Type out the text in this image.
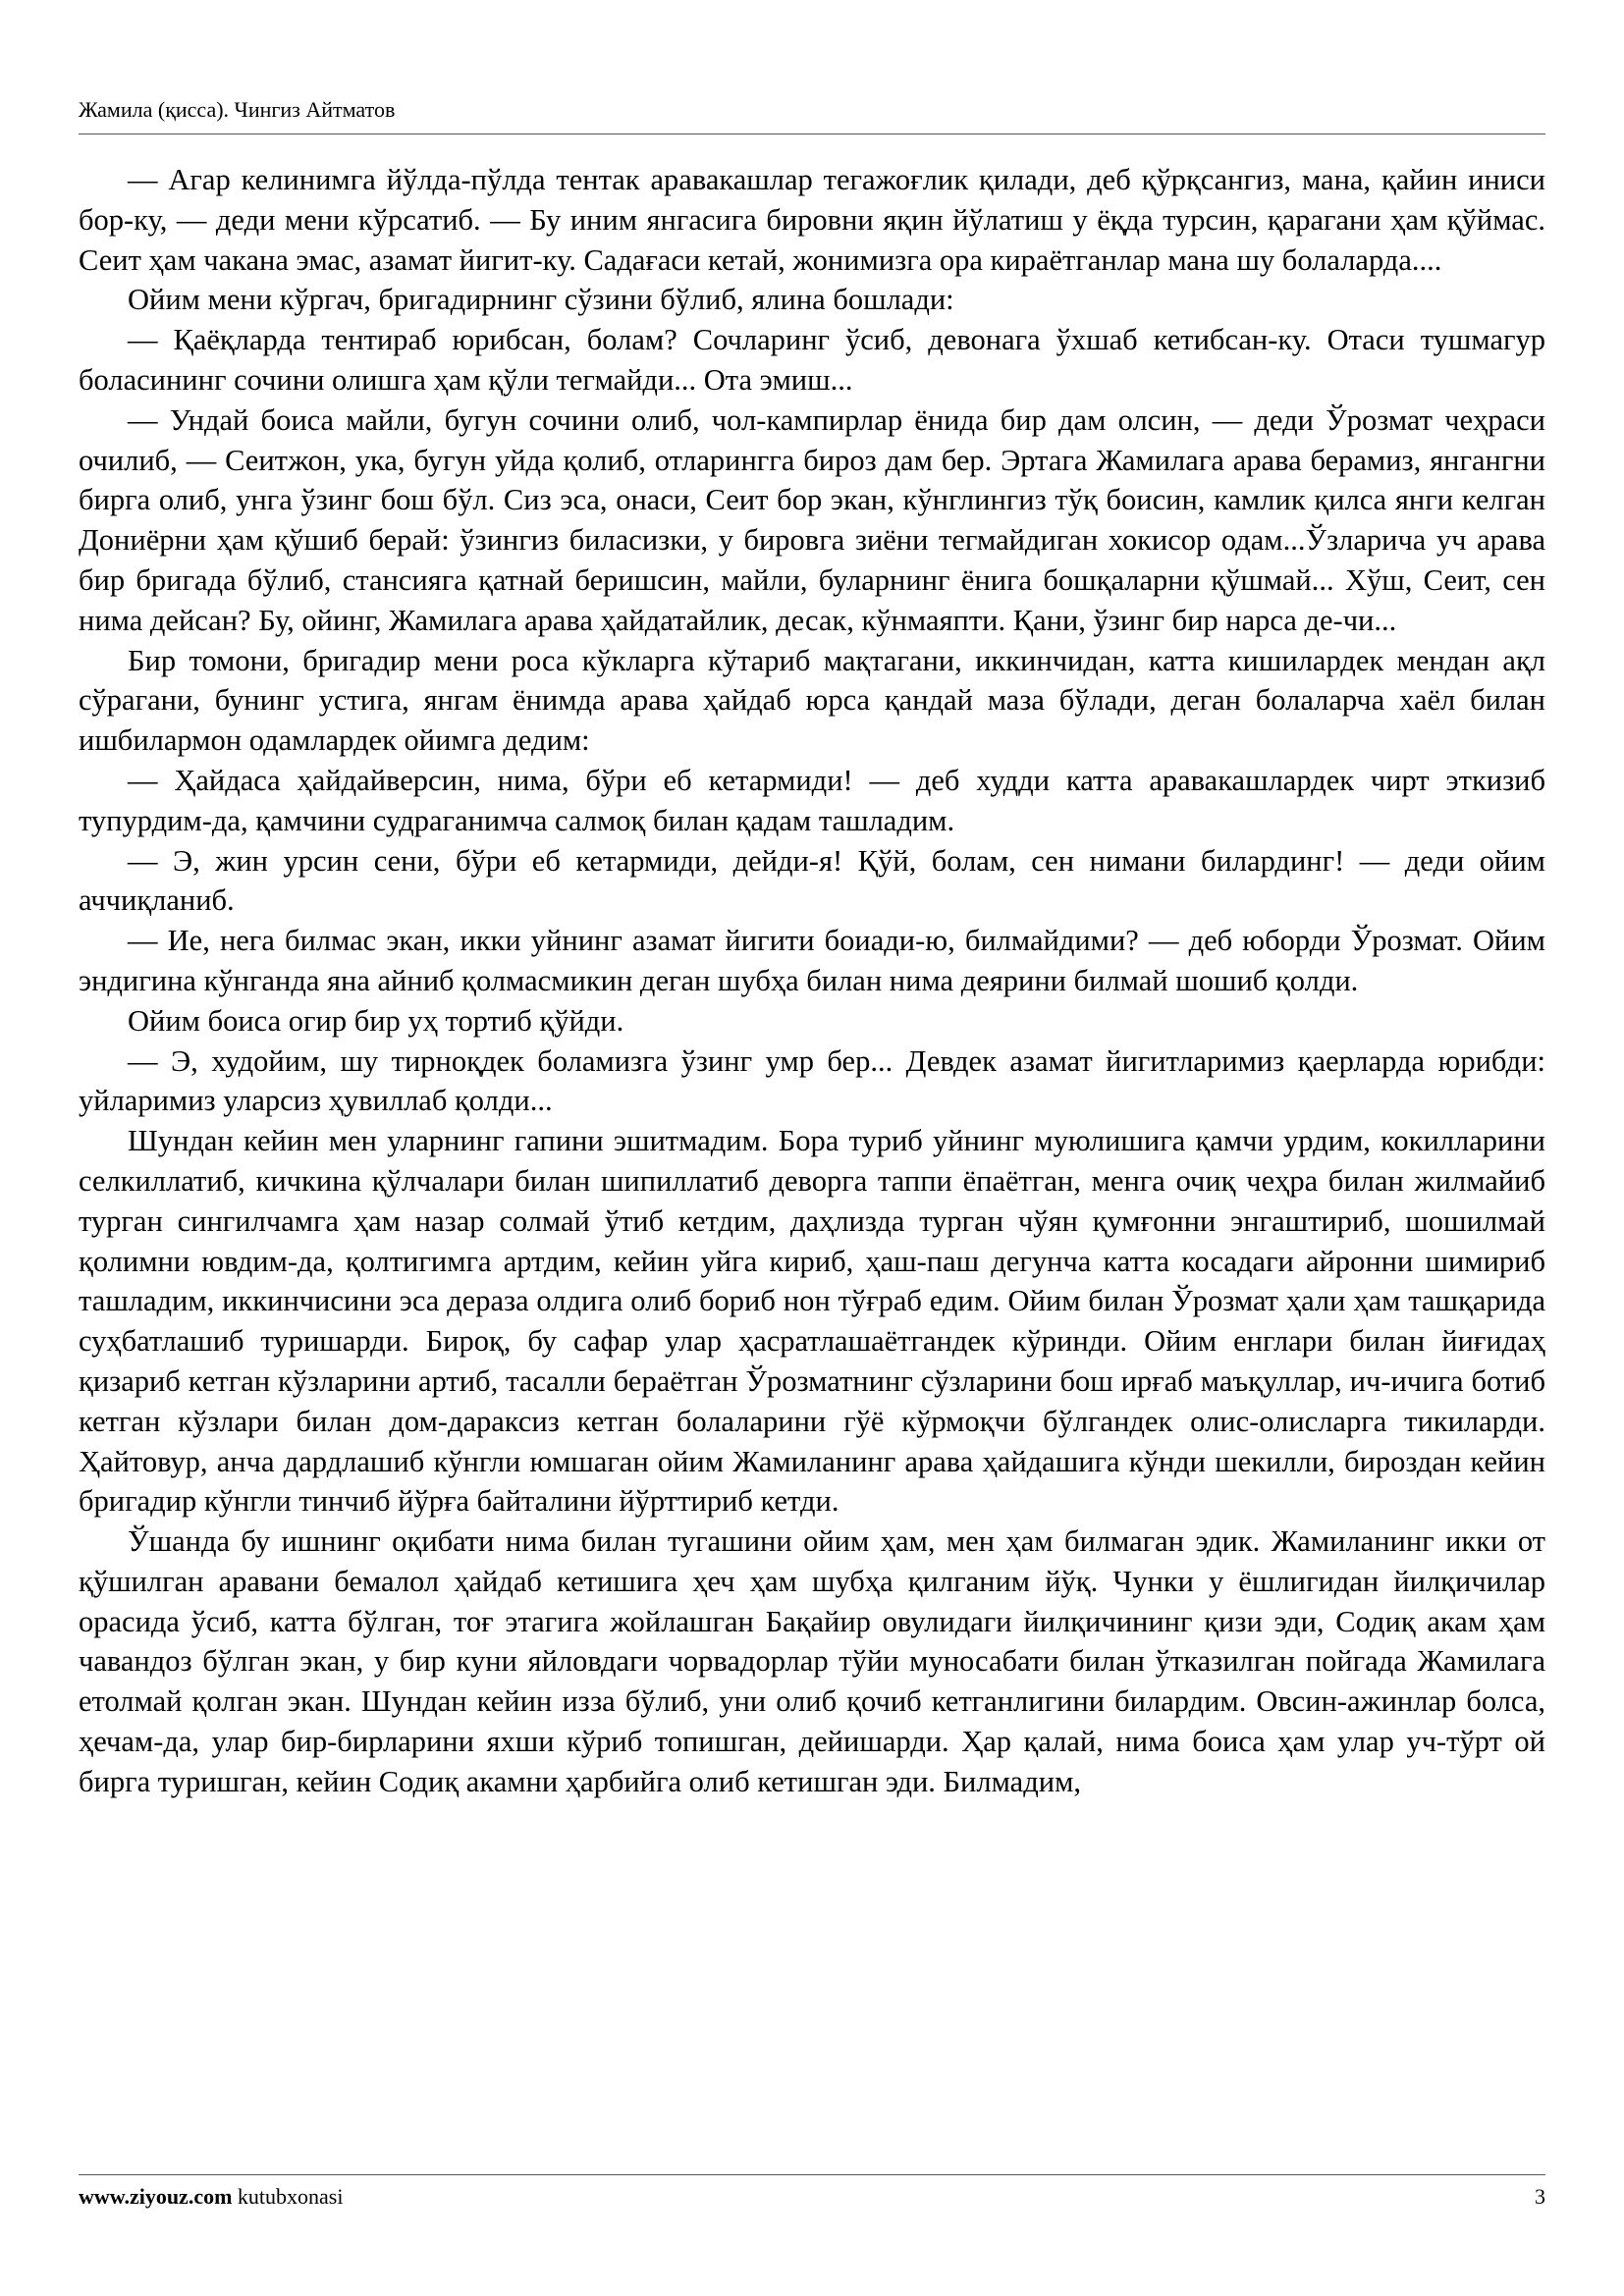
Жамила (қисса). Чингиз Айтматов

— Агар келинимга йўлда-пўлда тентак аравакашлар тегажоғлик қилади, деб қўрқсангиз, мана, қайин иниси бор-ку, — деди мени кўрсатиб. — Бу иним янгасига бировни яқин йўлатиш у ёқда турсин, қарагани ҳам қўймас. Сеит ҳам чакана эмас, азамат йигит-ку. Садағаси кетай, жонимизга ора кираётганлар мана шу болаларда....

Ойим мени кўргач, бригадирнинг сўзини бўлиб, ялина бошлади:

— Қаёқларда тентираб юрибсан, болам? Сочларинг ўсиб, девонага ўхшаб кетибсан-ку. Отаси тушмагур боласининг сочини олишга ҳам қўли тегмайди... Ота эмиш...

— Ундай боиса майли, бугун сочини олиб, чол-кампирлар ёнида бир дам олсин, — деди Ўрозмат чеҳраси очилиб, — Сеитжон, ука, бугун уйда қолиб, отларингга бироз дам бер. Эртага Жамилага арава берамиз, янгангни бирга олиб, унга ўзинг бош бўл. Сиз эса, онаси, Сеит бор экан, кўнглингиз тўқ боисин, камлик қилса янги келган Дониёрни ҳам қўшиб берай: ўзингиз биласизки, у бировга зиёни тегмайдиган хокисор одам...Ўзларича уч арава бир бригада бўлиб, стансияга қатнай беришсин, майли, буларнинг ёнига бошқаларни қўшмай... Хўш, Сеит, сен нима дейсан? Бу, ойинг, Жамилага арава ҳайдатайлик, десак, кўнмаяпти. Қани, ўзинг бир нарса де-чи...

Бир томони, бригадир мени роса кўкларга кўтариб мақтагани, иккинчидан, катта кишилардек мендан ақл сўрагани, бунинг устига, янгам ёнимда арава ҳайдаб юрса қандай маза бўлади, деган болаларча хаёл билан ишбилармон одамлардек ойимга дедим:

— Ҳайдаса ҳайдайверсин, нима, бўри еб кетармиди! — деб худди катта аравакашлардек чирт эткизиб тупурдим-да, қамчини судраганимча салмоқ билан қадам ташладим.

— Э, жин урсин сени, бўри еб кетармиди, дейди-я! Қўй, болам, сен нимани билардинг! — деди ойим аччиқланиб.

— Ие, нега билмас экан, икки уйнинг азамат йигити боиади-ю, билмайдими? — деб юборди Ўрозмат. Ойим эндигина кўнганда яна айниб қолмасмикин деган шубҳа билан нима деярини билмай шошиб қолди.

Ойим боиса огир бир уҳ тортиб қўйди.

— Э, худойим, шу тирноқдек боламизга ўзинг умр бер... Девдек азамат йигитларимиз қаерларда юрибди: уйларимиз уларсиз ҳувиллаб қолди...

Шундан кейин мен уларнинг гапини эшитмадим. Бора туриб уйнинг муюлишига қамчи урдим, кокилларини селкиллатиб, кичкина қўлчалари билан шипиллатиб деворга таппи ёпаётган, менга очиқ чеҳра билан жилмайиб турган сингилчамга ҳам назар солмай ўтиб кетдим, даҳлизда турган чўян қумғонни энгаштириб, шошилмай қолимни ювдим-да, қолтигимга артдим, кейин уйга кириб, ҳаш-паш дегунча катта косадаги айронни шимириб ташладим, иккинчисини эса деразa олдига олиб бориб нон тўғраб едим. Ойим билан Ўрозмат ҳали ҳам ташқарида суҳбатлашиб туришарди. Бироқ, бу сафар улар ҳасратлашаётгандек кўринди. Ойим енглари билан йиғидаҳ қизариб кетган кўзларини артиб, тасалли бераётган Ўрозматнинг сўзларини бош ирғаб маъқуллар, ич-ичига ботиб кетган кўзлари билан дом-дараксиз кетган болаларини гўё кўрмоқчи бўлгандек олис-олисларга тикиларди. Ҳайтовур, анча дардлашиб кўнгли юмшаган ойим Жамиланинг арава ҳайдашига кўнди шекилли, бироздан кейин бригадир кўнгли тинчиб йўрға байталини йўрттириб кетди.

Ўшанда бу ишнинг оқибати нима билан тугашини ойим ҳам, мен ҳам билмаган эдик. Жамиланинг икки от қўшилган аравани бемалол ҳайдаб кетишига ҳеч ҳам шубҳа қилганим йўқ. Чунки у ёшлигидан йилқичилар орасида ўсиб, катта бўлган, тоғ этагига жойлашган Бақайир овулидаги йилқичининг қизи эди, Содиқ акам ҳам чавандоз бўлган экан, у бир куни яйловдаги чорвадорлар тўйи муносабати билан ўтказилган пойгада Жамилага етолмай қолган экан. Шундан кейин изза бўлиб, уни олиб қочиб кетганлигини билардим. Овсин-ажинлар болса, ҳечам-да, улар бир-бирларини яхши кўриб топишган, дейишарди. Ҳар қалай, нима боиса ҳам улар уч-тўрт ой бирга туришган, кейин Содиқ акамни ҳарбийга олиб кетишган эди. Билмадим,

www.ziyouz.com kutubxonasi	3
